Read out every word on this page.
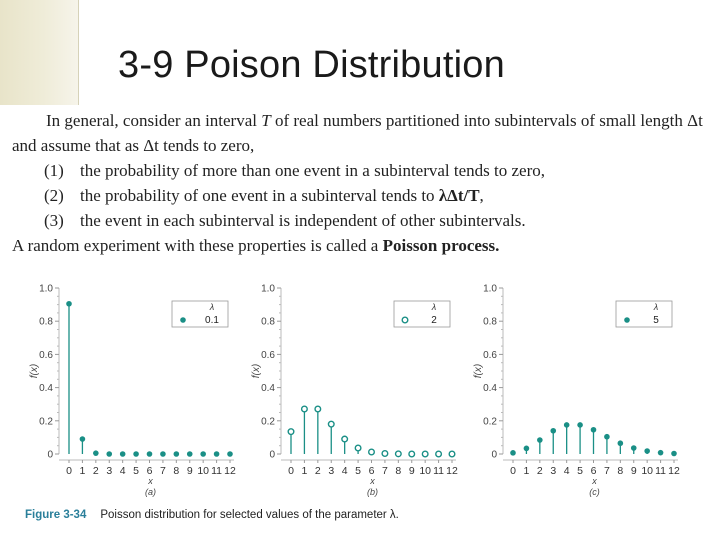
3-9 Poison Distribution

In general, consider an interval T of real numbers partitioned into subintervals of small length Δt and assume that as Δt tends to zero,

(1) the probability of more than one event in a subinterval tends to zero,

(2) the probability of one event in a subinterval tends to λΔt/T,

(3) the event in each subinterval is independent of other subintervals.

A random experiment with these properties is called a Poisson process.

0
0.2
0.4
0.6
0.8
1.0
f(x)
0 1 2 3 4 5 6 7 8 9 10 11 12
x
(a)
λ
0.1
0
0.2
0.4
0.6
0.8
1.0
f(x)
0 1 2 3 4 5 6 7 8 9 10 11 12
x
(b)
λ
2
0
0.2
0.4
0.6
0.8
1.0
f(x)
0 1 2 3 4 5 6 7 8 9 10 11 12
x
(c)
λ
5
Figure 3-34 Poisson distribution for selected values of the parameter λ.
